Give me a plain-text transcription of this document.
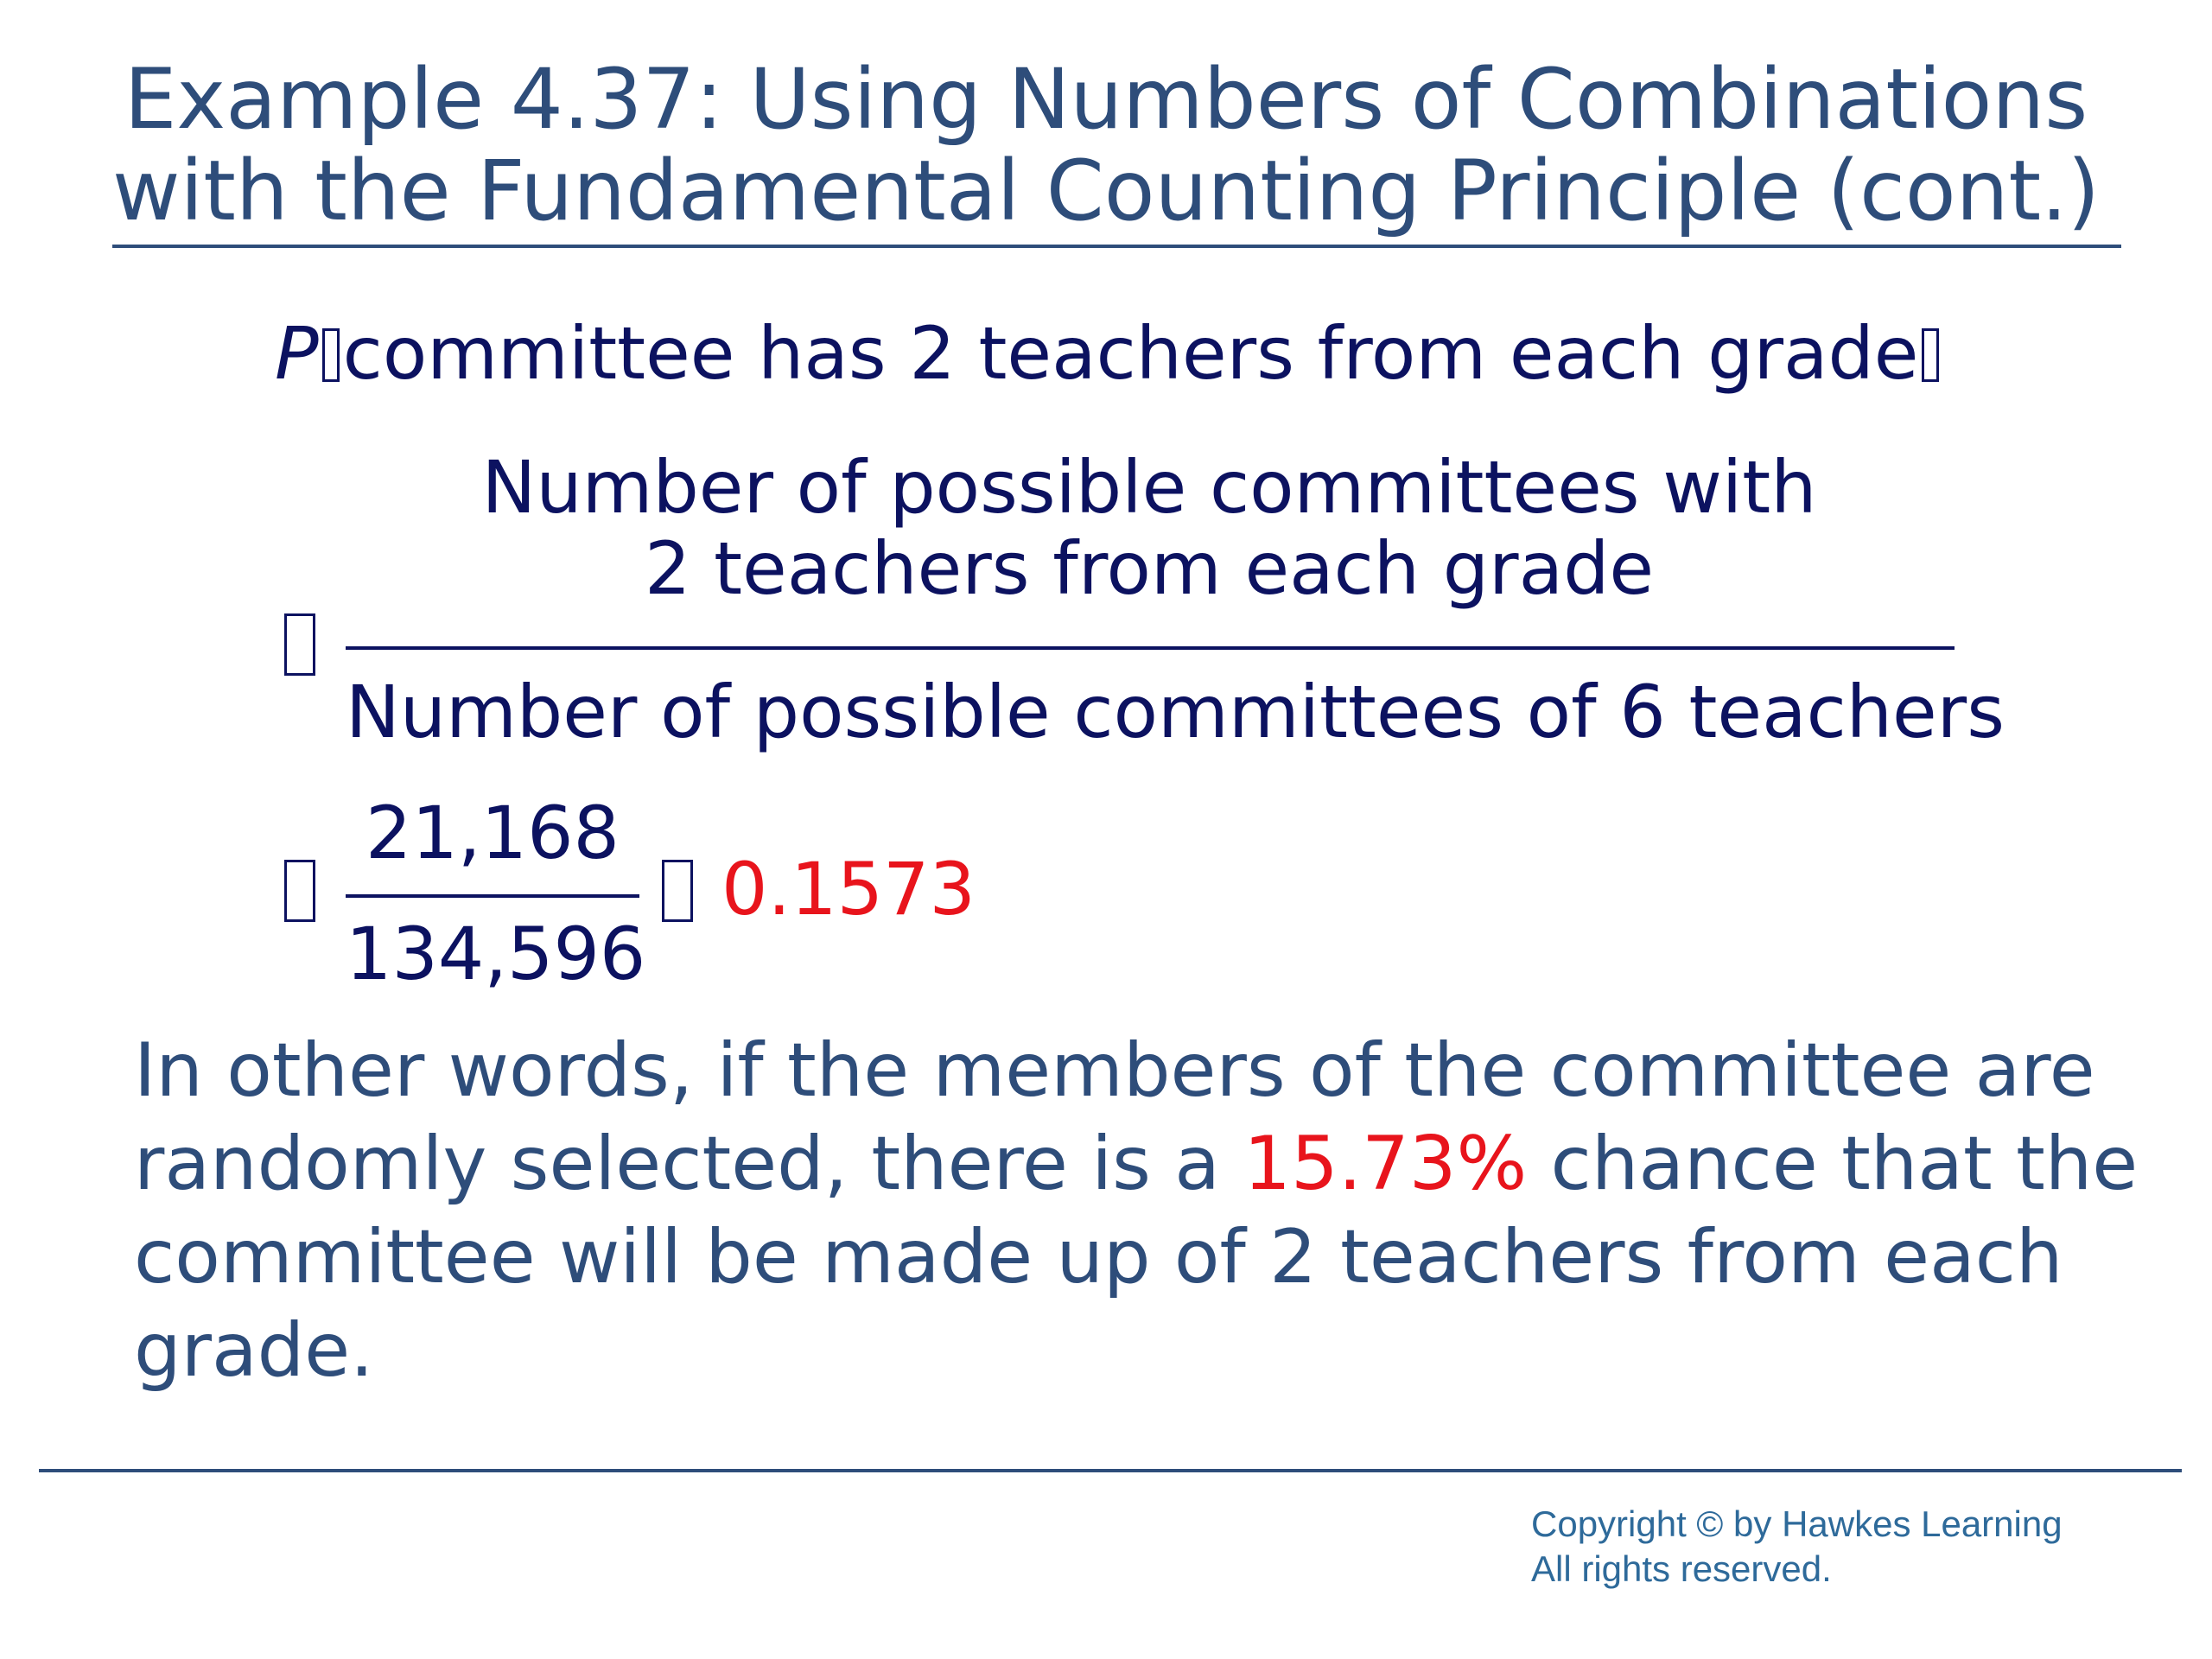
Example 4.37: Using Numbers of Combinations
with the Fundamental Counting Principle (cont.)
P committee has 2 teachers from each grade
Number of possible committees with
2 teachers from each grade
Number of possible committees of 6 teachers
21,168
134,596
0.1573
In other words, if the members of the committee are
randomly selected, there is a 15.73% chance that the
committee will be made up of 2 teachers from each
grade.
Copyright © by Hawkes Learning
All rights reserved.
